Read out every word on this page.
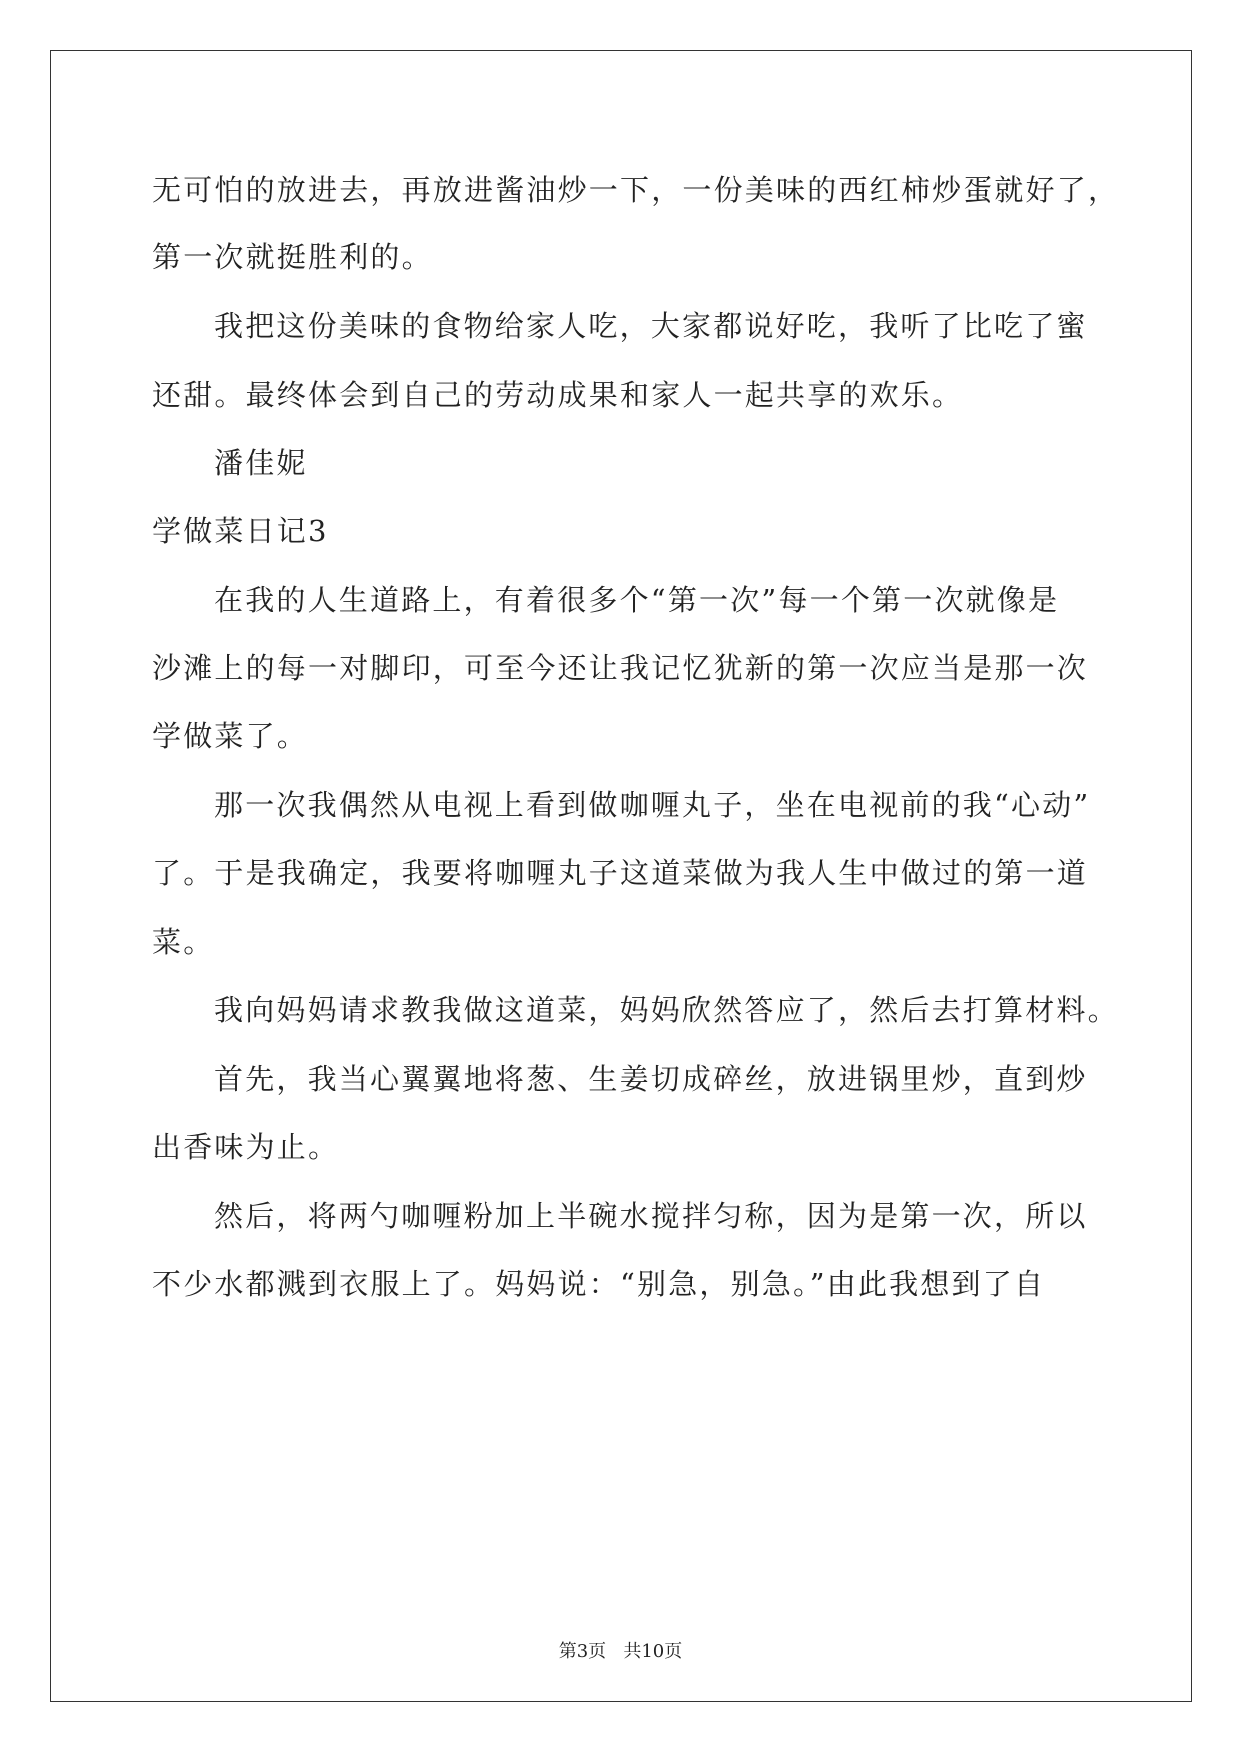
无可怕的放进去，再放进酱油炒一下，一份美味的西红柿炒蛋就好了，
第一次就挺胜利的。
我把这份美味的食物给家人吃，大家都说好吃，我听了比吃了蜜
还甜。最终体会到自己的劳动成果和家人一起共享的欢乐。
潘佳妮
学做菜日记3
在我的人生道路上，有着很多个“第一次”每一个第一次就像是
沙滩上的每一对脚印，可至今还让我记忆犹新的第一次应当是那一次
学做菜了。
那一次我偶然从电视上看到做咖喱丸子，坐在电视前的我“心动”
了。于是我确定，我要将咖喱丸子这道菜做为我人生中做过的第一道
菜。
我向妈妈请求教我做这道菜，妈妈欣然答应了，然后去打算材料。
首先，我当心翼翼地将葱、生姜切成碎丝，放进锅里炒，直到炒
出香味为止。
然后，将两勺咖喱粉加上半碗水搅拌匀称，因为是第一次，所以
不少水都溅到衣服上了。妈妈说：“别急，别急。”由此我想到了自
第3页   共10页
